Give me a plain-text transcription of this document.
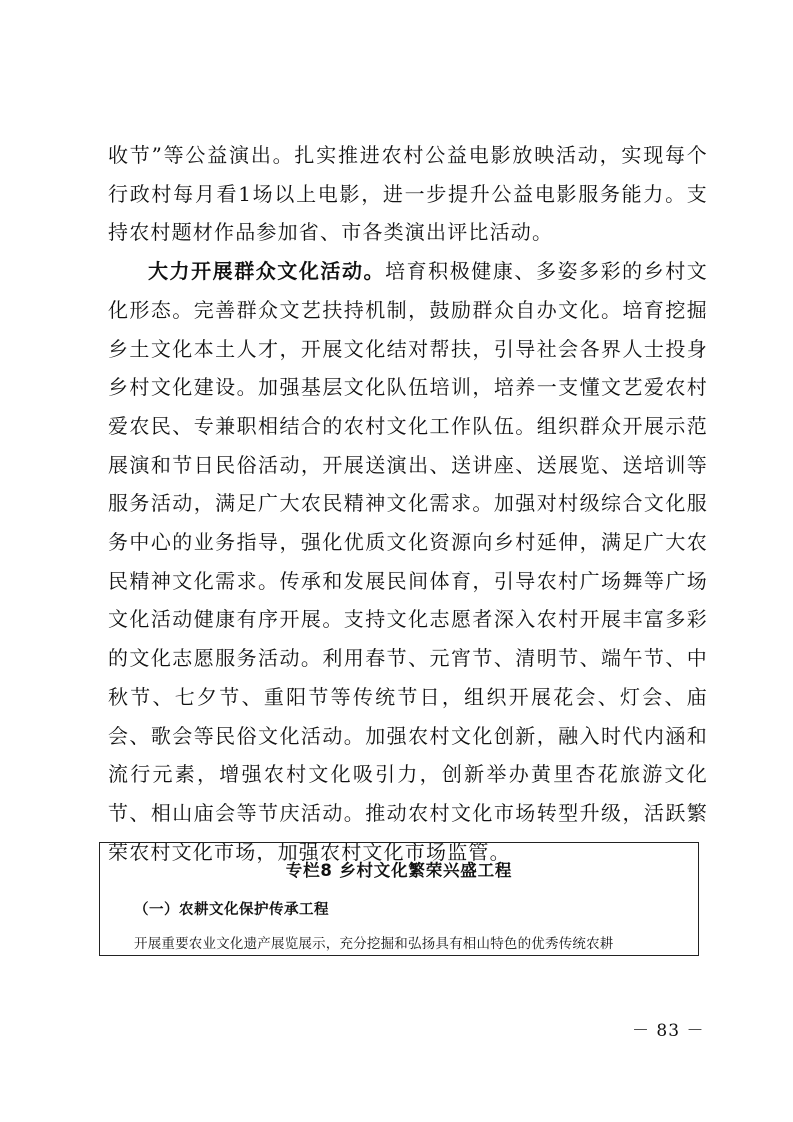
收节”等公益演出。扎实推进农村公益电影放映活动，实现每个行政村每月看1场以上电影，进一步提升公益电影服务能力。支持农村题材作品参加省、市各类演出评比活动。

大力开展群众文化活动。培育积极健康、多姿多彩的乡村文化形态。完善群众文艺扶持机制，鼓励群众自办文化。培育挖掘乡土文化本土人才，开展文化结对帮扶，引导社会各界人士投身乡村文化建设。加强基层文化队伍培训，培养一支懂文艺爱农村爱农民、专兼职相结合的农村文化工作队伍。组织群众开展示范展演和节日民俗活动，开展送演出、送讲座、送展览、送培训等服务活动，满足广大农民精神文化需求。加强对村级综合文化服务中心的业务指导，强化优质文化资源向乡村延伸，满足广大农民精神文化需求。传承和发展民间体育，引导农村广场舞等广场文化活动健康有序开展。支持文化志愿者深入农村开展丰富多彩的文化志愿服务活动。利用春节、元宵节、清明节、端午节、中秋节、七夕节、重阳节等传统节日，组织开展花会、灯会、庙会、歌会等民俗文化活动。加强农村文化创新，融入时代内涵和流行元素，增强农村文化吸引力，创新举办黄里杏花旅游文化节、相山庙会等节庆活动。推动农村文化市场转型升级，活跃繁荣农村文化市场，加强农村文化市场监管。

专栏8 乡村文化繁荣兴盛工程
（一）农耕文化保护传承工程
开展重要农业文化遗产展览展示，充分挖掘和弘扬具有相山特色的优秀传统农耕
－ 83 －
